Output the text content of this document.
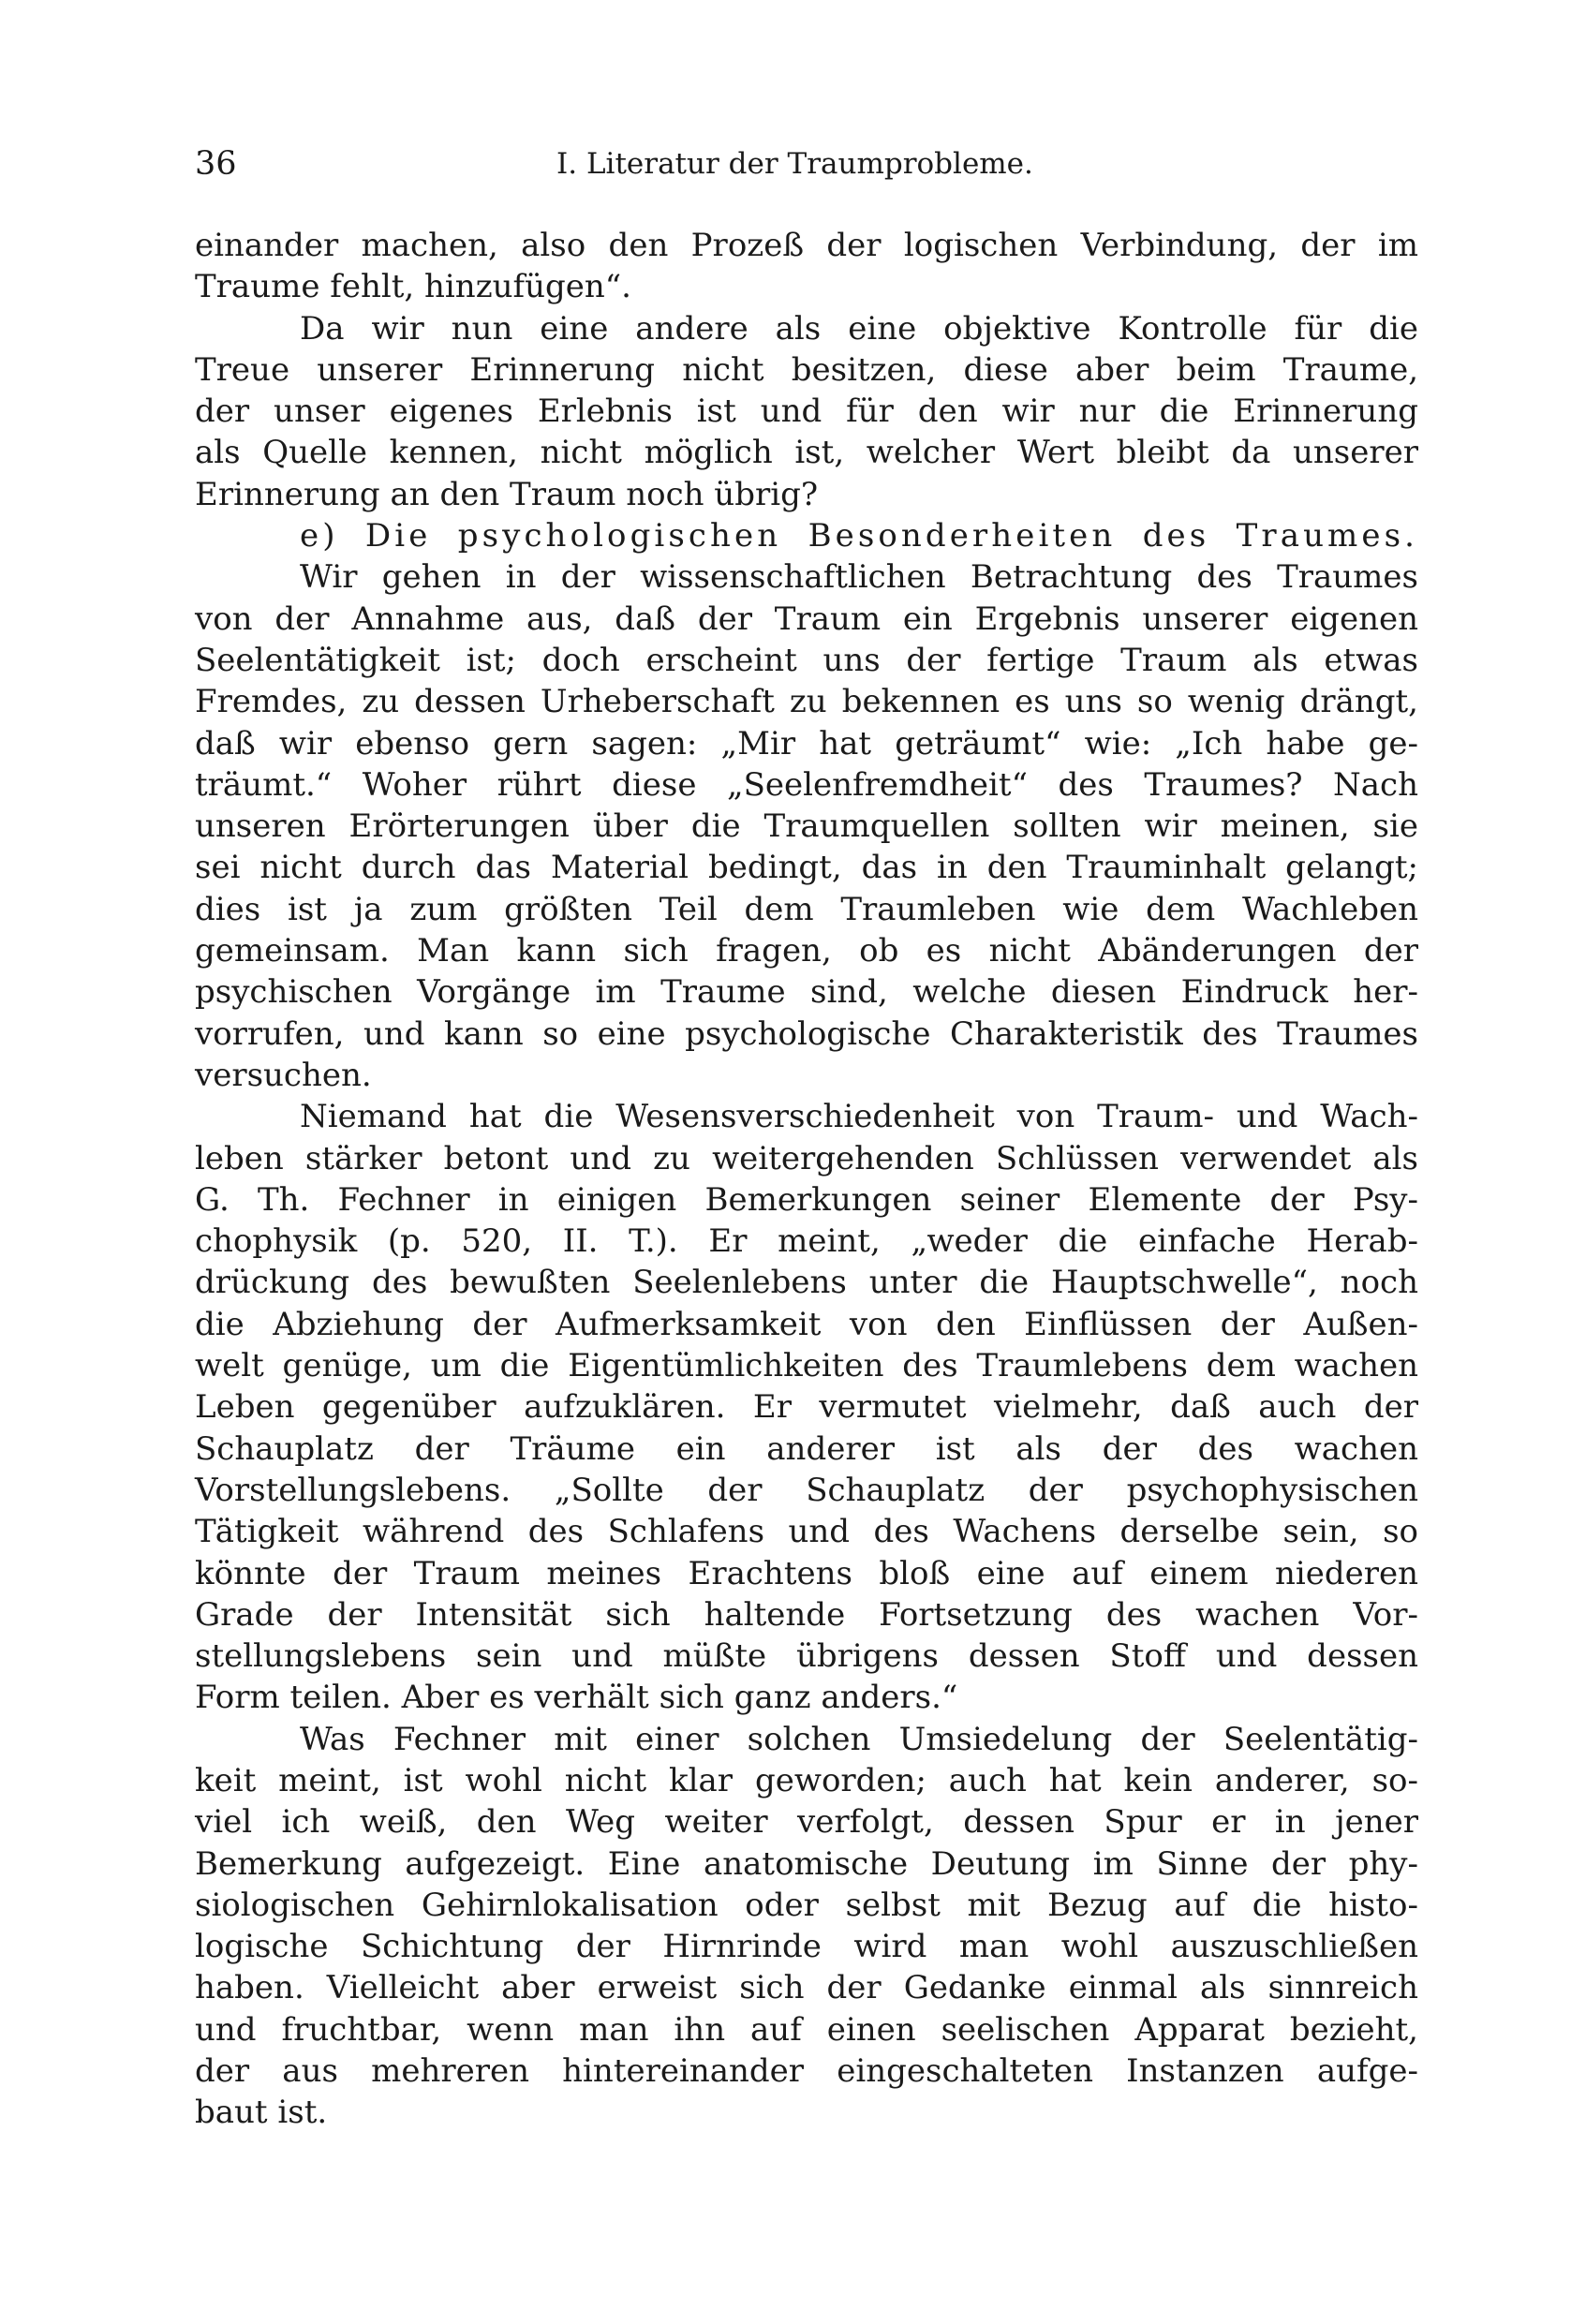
36	I. Literatur der Traumprobleme.
einander machen, also den Prozeß der logischen Verbindung, der im
Traume fehlt, hinzufügen“.
Da wir nun eine andere als eine objektive Kontrolle für die
Treue unserer Erinnerung nicht besitzen, diese aber beim Traume,
der unser eigenes Erlebnis ist und für den wir nur die Erinnerung
als Quelle kennen, nicht möglich ist, welcher Wert bleibt da unserer
Erinnerung an den Traum noch übrig?
e) Die psychologischen Besonderheiten des Traumes.
Wir gehen in der wissenschaftlichen Betrachtung des Traumes
von der Annahme aus, daß der Traum ein Ergebnis unserer eigenen
Seelentätigkeit ist; doch erscheint uns der fertige Traum als etwas
Fremdes, zu dessen Urheberschaft zu bekennen es uns so wenig drängt,
daß wir ebenso gern sagen: „Mir hat geträumt“ wie: „Ich habe ge-
träumt.“ Woher rührt diese „Seelenfremdheit“ des Traumes? Nach
unseren Erörterungen über die Traumquellen sollten wir meinen, sie
sei nicht durch das Material bedingt, das in den Trauminhalt gelangt;
dies ist ja zum größten Teil dem Traumleben wie dem Wachleben
gemeinsam. Man kann sich fragen, ob es nicht Abänderungen der
psychischen Vorgänge im Traume sind, welche diesen Eindruck her-
vorrufen, und kann so eine psychologische Charakteristik des Traumes
versuchen.
Niemand hat die Wesensverschiedenheit von Traum- und Wach-
leben stärker betont und zu weitergehenden Schlüssen verwendet als
G. Th. Fechner in einigen Bemerkungen seiner Elemente der Psy-
chophysik (p. 520, II. T.). Er meint, „weder die einfache Herab-
drückung des bewußten Seelenlebens unter die Hauptschwelle“, noch
die Abziehung der Aufmerksamkeit von den Einflüssen der Außen-
welt genüge, um die Eigentümlichkeiten des Traumlebens dem wachen
Leben gegenüber aufzuklären. Er vermutet vielmehr, daß auch der
Schauplatz der Träume ein anderer ist als der des wachen
Vorstellungslebens. „Sollte der Schauplatz der psychophysischen
Tätigkeit während des Schlafens und des Wachens derselbe sein, so
könnte der Traum meines Erachtens bloß eine auf einem niederen
Grade der Intensität sich haltende Fortsetzung des wachen Vor-
stellungslebens sein und müßte übrigens dessen Stoff und dessen
Form teilen. Aber es verhält sich ganz anders.“
Was Fechner mit einer solchen Umsiedelung der Seelentätig-
keit meint, ist wohl nicht klar geworden; auch hat kein anderer, so-
viel ich weiß, den Weg weiter verfolgt, dessen Spur er in jener
Bemerkung aufgezeigt. Eine anatomische Deutung im Sinne der phy-
siologischen Gehirnlokalisation oder selbst mit Bezug auf die histo-
logische Schichtung der Hirnrinde wird man wohl auszuschließen
haben. Vielleicht aber erweist sich der Gedanke einmal als sinnreich
und fruchtbar, wenn man ihn auf einen seelischen Apparat bezieht,
der aus mehreren hintereinander eingeschalteten Instanzen aufge-
baut ist.
